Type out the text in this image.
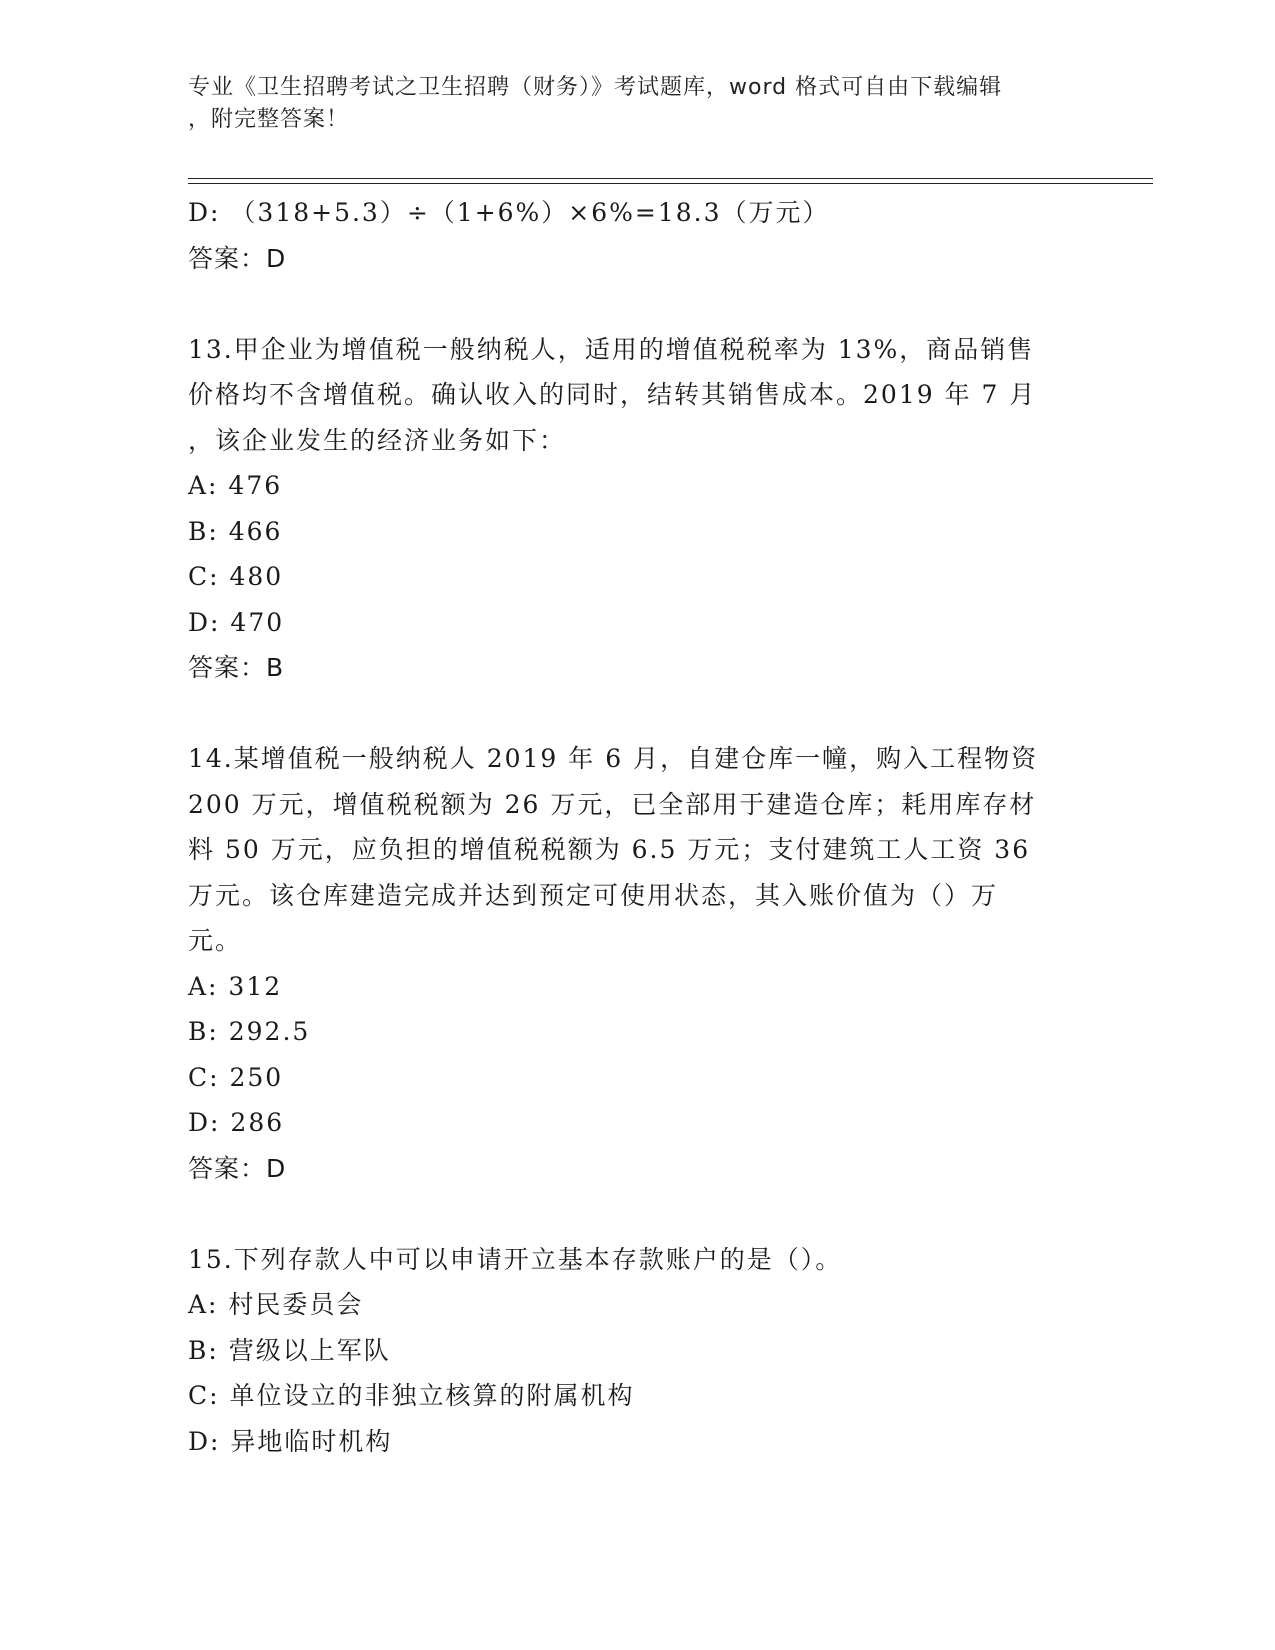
专业《卫生招聘考试之卫生招聘（财务）》考试题库，word 格式可自由下载编辑
，附完整答案！
D: （318+5.3）÷（1+6%）×6%=18.3（万元）
答案：D
13.甲企业为增值税一般纳税人，适用的增值税税率为 13%，商品销售
价格均不含增值税。确认收入的同时，结转其销售成本。2019 年 7 月
，该企业发生的经济业务如下：
A: 476
B: 466
C: 480
D: 470
答案：B
14.某增值税一般纳税人 2019 年 6 月，自建仓库一幢，购入工程物资
200 万元，增值税税额为 26 万元，已全部用于建造仓库；耗用库存材
料 50 万元，应负担的增值税税额为 6.5 万元；支付建筑工人工资 36
万元。该仓库建造完成并达到预定可使用状态，其入账价值为（）万
元。
A: 312
B: 292.5
C: 250
D: 286
答案：D
15.下列存款人中可以申请开立基本存款账户的是（）。
A: 村民委员会
B: 营级以上军队
C: 单位设立的非独立核算的附属机构
D: 异地临时机构
